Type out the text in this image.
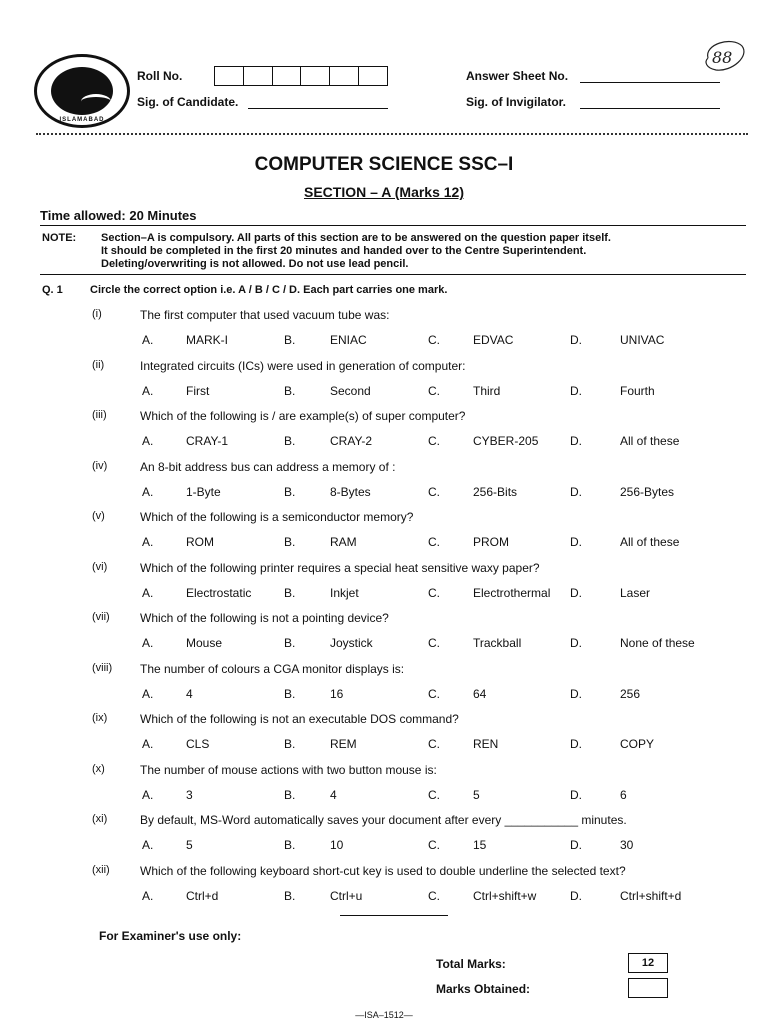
ISLAMABAD
Roll No.
Sig. of Candidate.
Answer Sheet No.
Sig. of Invigilator.
88
COMPUTER SCIENCE SSC–I
SECTION – A (Marks 12)
Time allowed: 20 Minutes
NOTE: Section–A is compulsory. All parts of this section are to be answered on the question paper itself.
It should be completed in the first 20 minutes and handed over to the Centre Superintendent.
Deleting/overwriting is not allowed. Do not use lead pencil.
Q. 1 Circle the correct option i.e. A / B / C / D. Each part carries one mark.
(i)	The first computer that used vacuum tube was:
A.	MARK-I	B.	ENIAC	C.	EDVAC	D.	UNIVAC
(ii)	Integrated circuits (ICs) were used in generation of computer:
A.	First	B.	Second	C.	Third	D.	Fourth
(iii)	Which of the following is / are example(s) of super computer?
A.	CRAY-1	B.	CRAY-2	C.	CYBER-205	D.	All of these
(iv)	An 8-bit address bus can address a memory of :
A.	1-Byte	B.	8-Bytes	C.	256-Bits	D.	256-Bytes
(v)	Which of the following is a semiconductor memory?
A.	ROM	B.	RAM	C.	PROM	D.	All of these
(vi)	Which of the following printer requires a special heat sensitive waxy paper?
A.	Electrostatic	B.	Inkjet	C.	Electrothermal D.	Laser
(vii)	Which of the following is not a pointing device?
A.	Mouse	B.	Joystick	C.	Trackball	D.	None of these
(viii) The number of colours a CGA monitor displays is:
A.	4	B.	16	C.	64	D.	256
(ix)	Which of the following is not an executable DOS command?
A.	CLS	B.	REM	C.	REN	D.	COPY
(x)	The number of mouse actions with two button mouse is:
A.	3	B.	4	C.	5	D.	6
(xi)	By default, MS-Word automatically saves your document after every ___________ minutes.
A.	5	B.	10	C.	15	D.	30
(xii)	Which of the following keyboard short-cut key is used to double underline the selected text?
A.	Ctrl+d	B.	Ctrl+u	C.	Ctrl+shift+w	D.	Ctrl+shift+d
For Examiner's use only:
Total Marks:	12
Marks Obtained:
—ISA–1512—
